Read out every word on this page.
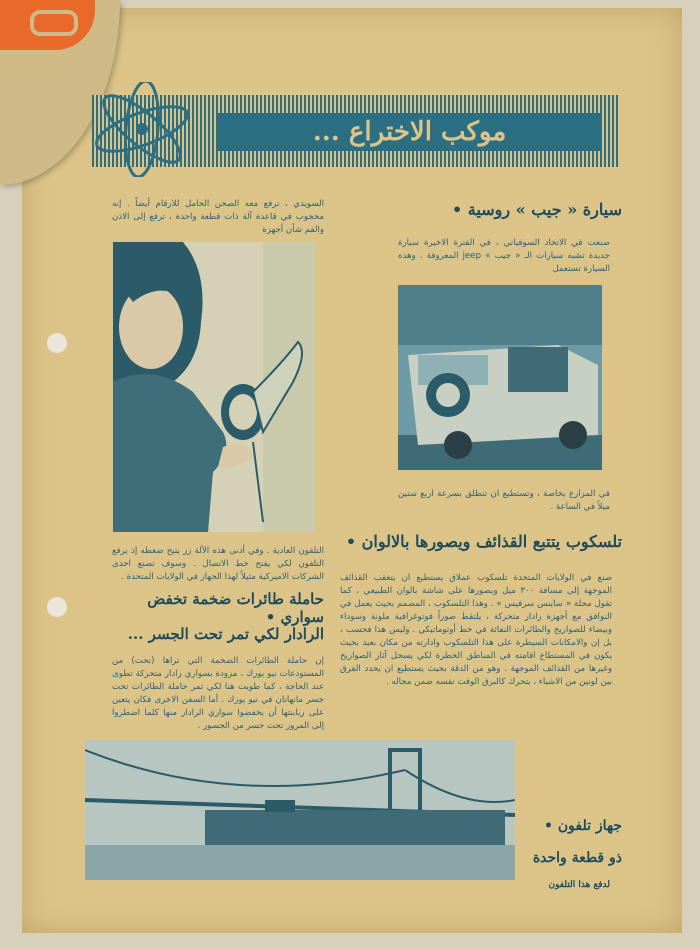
موكب الاختراع ...
السويدي ، ترفع معه الصحن الحامل للارقام أيضاً . إنه محجوب في قاعدة آلة ذات قطعة واحدة ، ترفع إلى الاذن والفم شأن أجهزة
سيارة « جيب » روسية •
صنعت في الاتحاد السوفياتي ، في الفترة الاخيرة سيارة جديدة تشبه سيارات الـ « جيب » jeep المعروفة . وهذه السيارة تستعمل
في المزارع بخاصة ، وتستطيع ان تنطلق بسرعة اربع ستين ميلاً في الساعة .
تلسكوب يتتبع القذائف ويصورها بالالوان •
صنع في الولايات المتحدة تلسكوب عملاق يستطيع ان يتعقب القذائف الموجهة إلى مسافة ٣٠٠ ميل ويصورها على شاشة بالوان الطبيعي ، كما تقول مجلة « ساينس سرفيس » . وهذا التلسكوب ، المصمم بحيث يعمل في التوافق مع أجهزة رادار متحركة ، يلتقط صوراً فوتوغرافية ملونة وسوداء وبيضاء للصواريخ والطائرات النفاثة في خط أوتوماتيكي . وليس هذا فحسب ، بل إن والامكانات السيطرة على هذا التلسكوب وادارته من مكان بعيد بحيث يكون في المستطاع اقامته في المناطق الخطرة لكي يسجل آثار الصواريخ وغيرها من القذائف الموجهة . وهو من الدقة بحيث يستطيع ان يحدد الفرق بين لونين من الاشياء ، يتحرك كالبرق الوقت نفسه ضمن مجاله .
التلفون العادية . وفي أدنى هذه الآلة زر يتيح ضغطه إذ يرفع التلفون لكي يفتح خط الاتصال . وسوف تصنع احدى الشركات الاميركية مثيلاً لهذا الجهاز في الولايات المتحدة .
حاملة طائرات ضخمة تخفض سواري •
الرادار لكي تمر تحت الجسر ...
إن حاملة الطائرات الضخمة التي تراها (تحت) من المستودعات نيو يورك ، مزودة بسواري رادار متحركة تطوى عند الحاجة ، كما طويت هنا لكي تمر حاملة الطائرات تحت جسر مانهاتان في نيو يورك . أما السفن الاخرى فكان يتعين على ربابنتها أن يخفضوا سواري الرادار منها كلما اضطروا إلى المرور تحت جسر من الجسور .
جهاز تلفون •
ذو قطعة واحدة
لدفع هذا التلفون
